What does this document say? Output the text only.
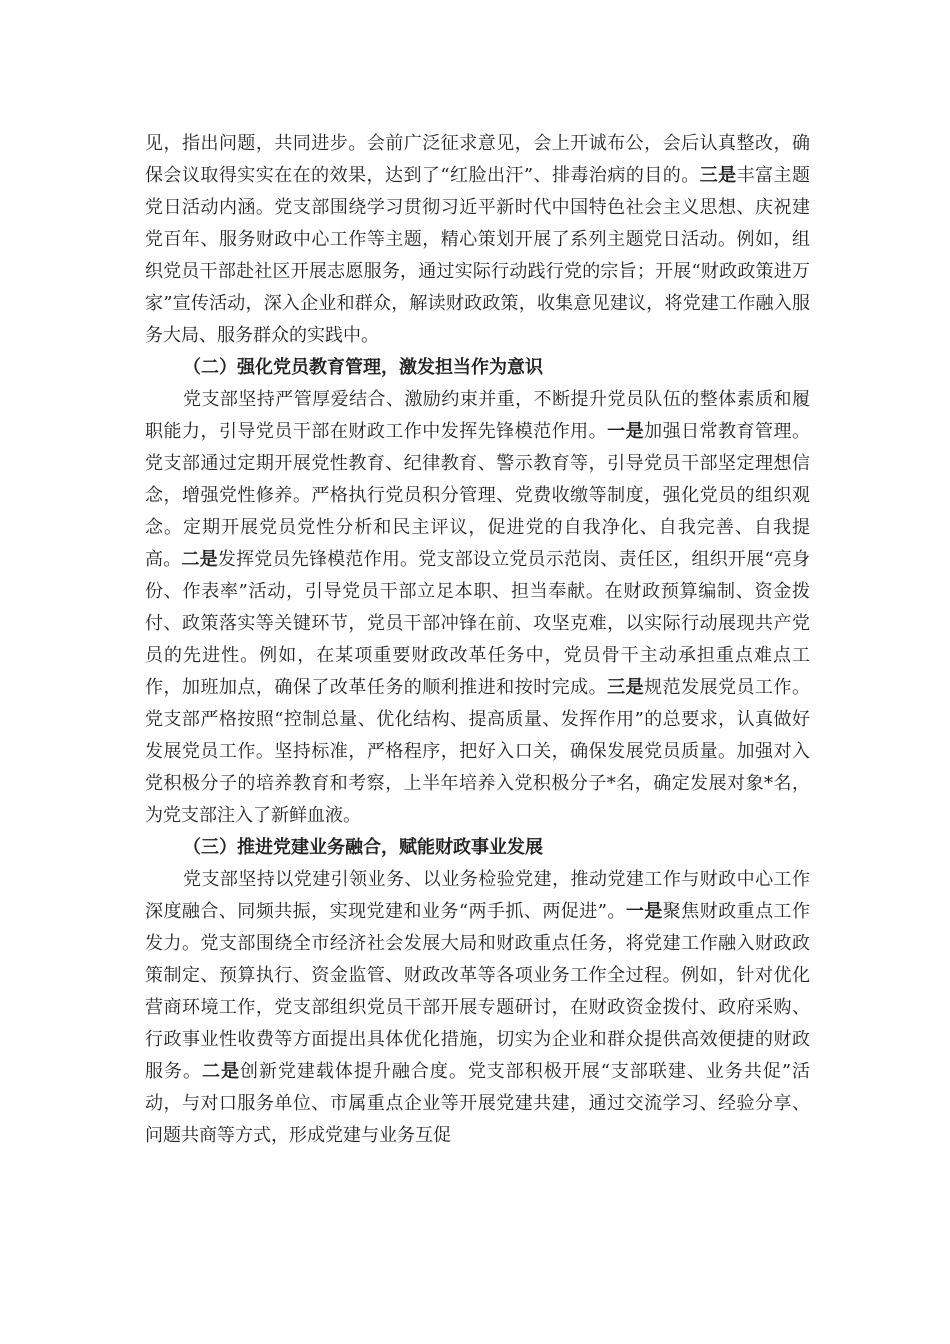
见，指出问题，共同进步。会前广泛征求意见，会上开诚布公，会后认真整改，确保会议取得实实在在的效果，达到了“红脸出汗”、排毒治病的目的。三是丰富主题党日活动内涵。党支部围绕学习贯彻习近平新时代中国特色社会主义思想、庆祝建党百年、服务财政中心工作等主题，精心策划开展了系列主题党日活动。例如，组织党员干部赴社区开展志愿服务，通过实际行动践行党的宗旨；开展“财政政策进万家”宣传活动，深入企业和群众，解读财政政策，收集意见建议，将党建工作融入服务大局、服务群众的实践中。

（二）强化党员教育管理，激发担当作为意识

党支部坚持严管厚爱结合、激励约束并重，不断提升党员队伍的整体素质和履职能力，引导党员干部在财政工作中发挥先锋模范作用。一是加强日常教育管理。党支部通过定期开展党性教育、纪律教育、警示教育等，引导党员干部坚定理想信念，增强党性修养。严格执行党员积分管理、党费收缴等制度，强化党员的组织观念。定期开展党员党性分析和民主评议，促进党的自我净化、自我完善、自我提高。二是发挥党员先锋模范作用。党支部设立党员示范岗、责任区，组织开展“亮身份、作表率”活动，引导党员干部立足本职、担当奉献。在财政预算编制、资金拨付、政策落实等关键环节，党员干部冲锋在前、攻坚克难，以实际行动展现共产党员的先进性。例如，在某项重要财政改革任务中，党员骨干主动承担重点难点工作，加班加点，确保了改革任务的顺利推进和按时完成。三是规范发展党员工作。党支部严格按照“控制总量、优化结构、提高质量、发挥作用”的总要求，认真做好发展党员工作。坚持标准，严格程序，把好入口关，确保发展党员质量。加强对入党积极分子的培养教育和考察，上半年培养入党积极分子*名，确定发展对象*名，为党支部注入了新鲜血液。

（三）推进党建业务融合，赋能财政事业发展

党支部坚持以党建引领业务、以业务检验党建，推动党建工作与财政中心工作深度融合、同频共振，实现党建和业务“两手抓、两促进”。一是聚焦财政重点工作发力。党支部围绕全市经济社会发展大局和财政重点任务，将党建工作融入财政政策制定、预算执行、资金监管、财政改革等各项业务工作全过程。例如，针对优化营商环境工作，党支部组织党员干部开展专题研讨，在财政资金拨付、政府采购、行政事业性收费等方面提出具体优化措施，切实为企业和群众提供高效便捷的财政服务。二是创新党建载体提升融合度。党支部积极开展“支部联建、业务共促”活动，与对口服务单位、市属重点企业等开展党建共建，通过交流学习、经验分享、问题共商等方式，形成党建与业务互促
